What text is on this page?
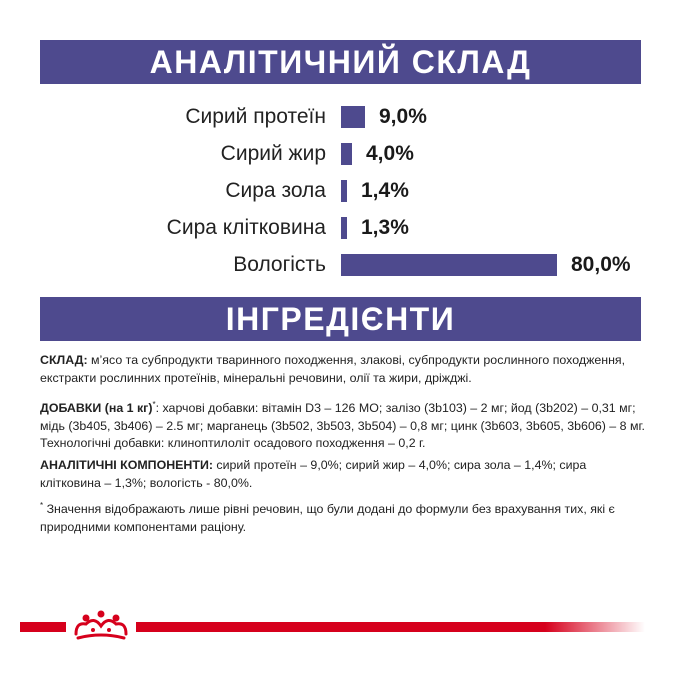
АНАЛІТИЧНИЙ СКЛАД
Сирий протеїн	9,0%
Сирий жир 4,0%
Сира зола 1,4%
Сира клітковина 1,3%
Вологість	80,0%
ІНГРЕДІЄНТИ
СКЛАД: м’ясо та субпродукти тваринного походження, злакові, субпродукти рослинного походження, екстракти рослинних протеїнів, мінеральні речовини, олії та жири, дріжджі.
ДОБАВКИ (на 1 кг)*: харчові добавки: вітамін D3 – 126 МО; залізо (3b103) – 2 мг; йод (3b202) – 0,31 мг; мідь (3b405, 3b406) – 2.5 мг; марганець (3b502, 3b503, 3b504) – 0,8 мг; цинк (3b603, 3b605, 3b606) – 8 мг. Технологічні добавки: клиноптилоліт осадового походження – 0,2 г.
АНАЛІТИЧНІ КОМПОНЕНТИ: сирий протеїн – 9,0%; сирий жир – 4,0%; сира зола – 1,4%; сира клітковина – 1,3%; вологість - 80,0%.
* Значення відображають лише рівні речовин, що були додані до формули без врахування тих, які є природними компонентами раціону.
